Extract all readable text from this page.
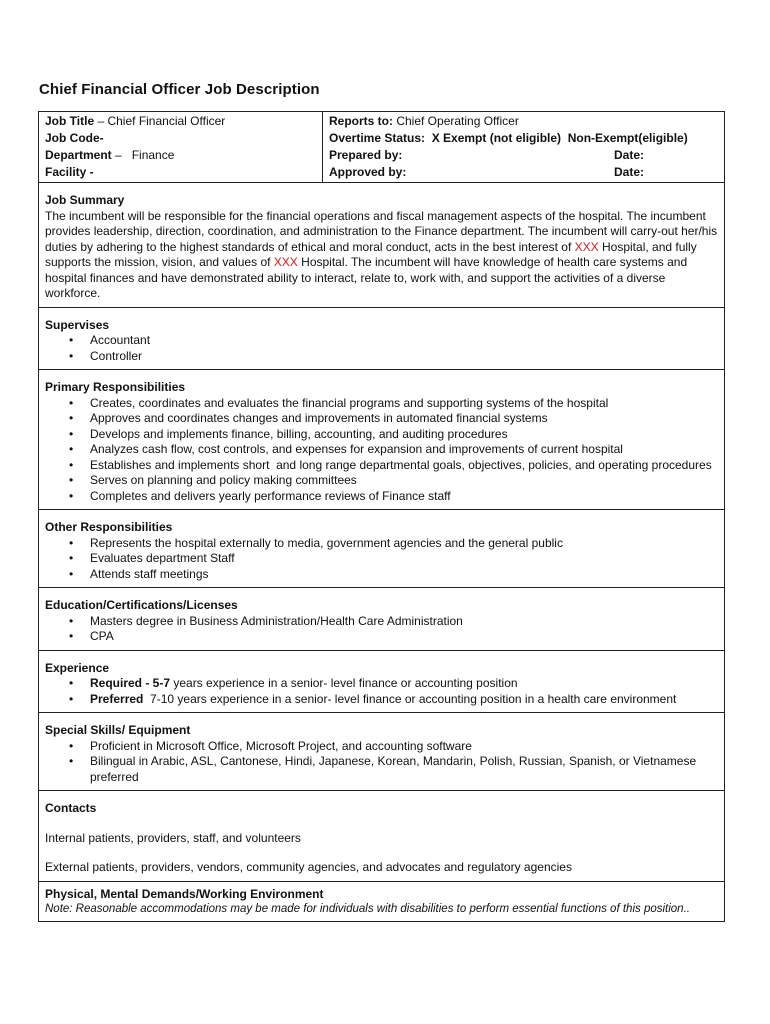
Chief Financial Officer Job Description
Job Title – Chief Financial Officer
Job Code-
Department –   Finance
Facility -
Reports to: Chief Operating Officer
Overtime Status:  X Exempt (not eligible)  Non-Exempt(eligible)
Prepared by:	Date:
Approved by:	Date:
Job Summary

The incumbent will be responsible for the financial operations and fiscal management aspects of the hospital. The incumbent provides leadership, direction, coordination, and administration to the Finance department. The incumbent will carry-out her/his duties by adhering to the highest standards of ethical and moral conduct, acts in the best interest of XXX Hospital, and fully supports the mission, vision, and values of XXX Hospital. The incumbent will have knowledge of health care systems and hospital finances and have demonstrated ability to interact, relate to, work with, and support the activities of a diverse workforce.

Supervises
• Accountant
• Controller
Primary Responsibilities
• Creates, coordinates and evaluates the financial programs and supporting systems of the hospital
• Approves and coordinates changes and improvements in automated financial systems
• Develops and implements finance, billing, accounting, and auditing procedures
• Analyzes cash flow, cost controls, and expenses for expansion and improvements of current hospital
• Establishes and implements short  and long range departmental goals, objectives, policies, and operating procedures
• Serves on planning and policy making committees
• Completes and delivers yearly performance reviews of Finance staff
Other Responsibilities
• Represents the hospital externally to media, government agencies and the general public
• Evaluates department Staff
• Attends staff meetings
Education/Certifications/Licenses
• Masters degree in Business Administration/Health Care Administration
• CPA
Experience
• Required - 5-7 years experience in a senior- level finance or accounting position
• Preferred  7-10 years experience in a senior- level finance or accounting position in a health care environment
Special Skills/ Equipment
• Proficient in Microsoft Office, Microsoft Project, and accounting software
• Bilingual in Arabic, ASL, Cantonese, Hindi, Japanese, Korean, Mandarin, Polish, Russian, Spanish, or Vietnamese preferred
Contacts

Internal patients, providers, staff, and volunteers

External patients, providers, vendors, community agencies, and advocates and regulatory agencies

Physical, Mental Demands/Working Environment

Note: Reasonable accommodations may be made for individuals with disabilities to perform essential functions of this position..
